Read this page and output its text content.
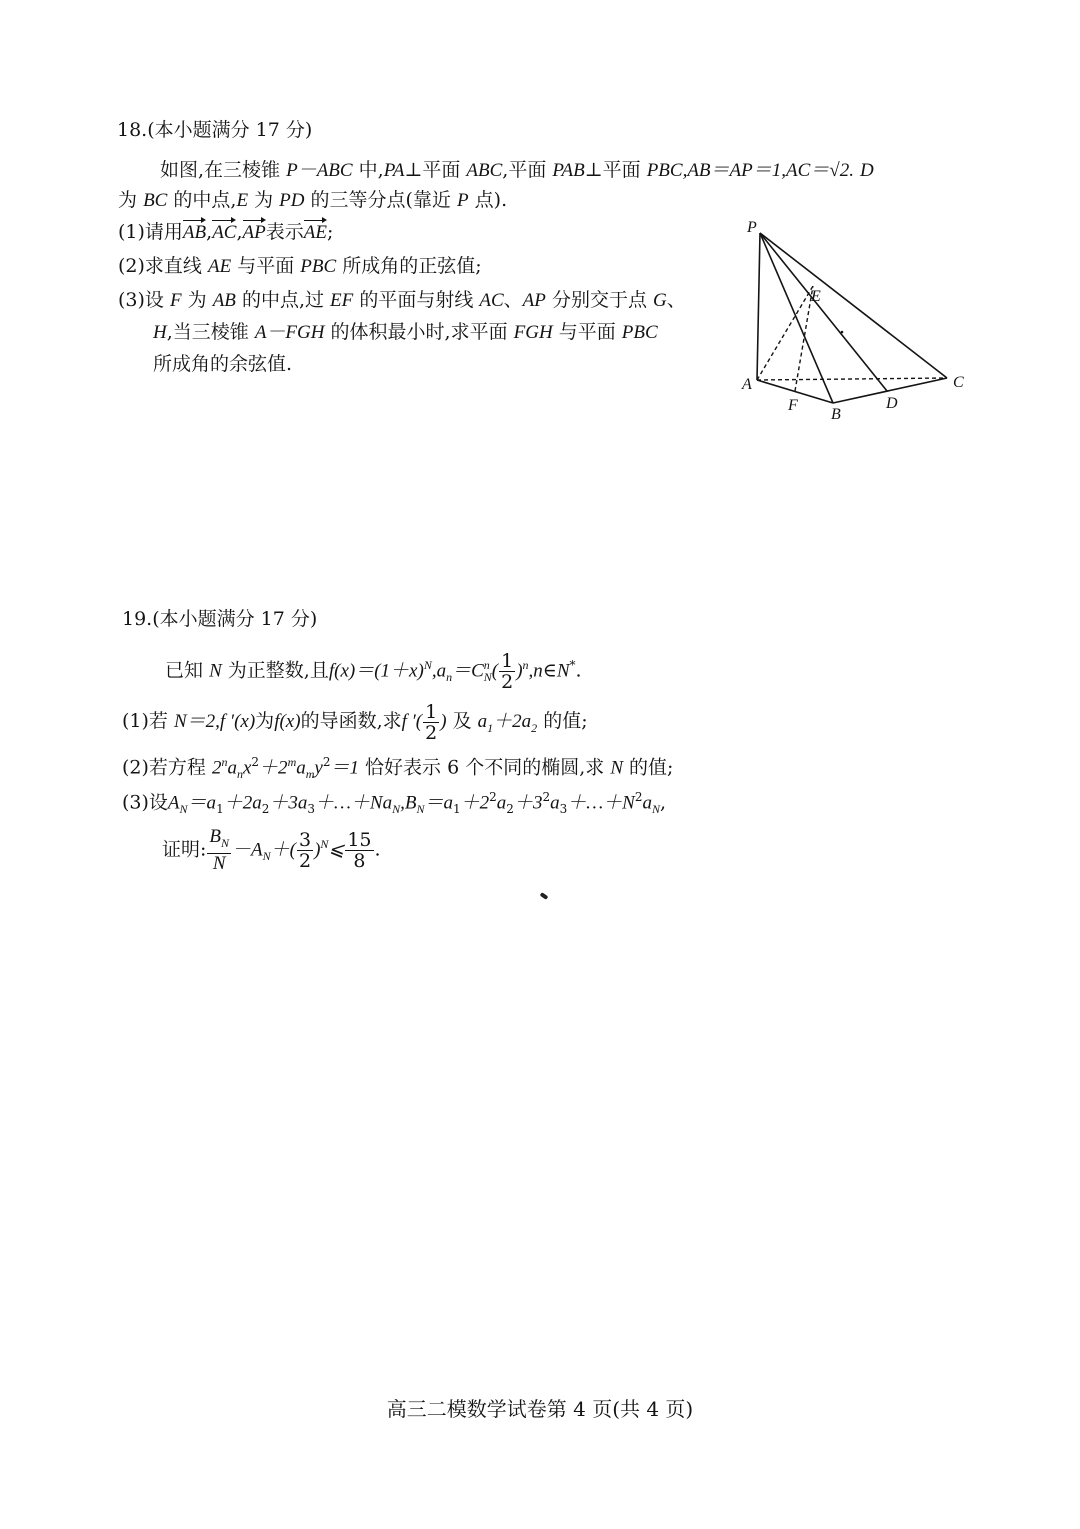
18.(本小题满分 17 分)
如图,在三棱锥 P－ABC 中,PA⊥平面 ABC,平面 PAB⊥平面 PBC,AB＝AP＝1,AC＝√2. D
为 BC 的中点,E 为 PD 的三等分点(靠近 P 点).
(1)请用AB,AC,AP表示AE;
(2)求直线 AE 与平面 PBC 所成角的正弦值;
(3)设 F 为 AB 的中点,过 EF 的平面与射线 AC、AP 分别交于点 G、
H,当三棱锥 A－FGH 的体积最小时,求平面 FGH 与平面 PBC
所成角的余弦值.
P
E
A
F
B
D
C
19.(本小题满分 17 分)
已知 N 为正整数,且$f(x)=(1+x)^N,a_n=C$ n
N ( $\frac{1}{2}$ )$^n$,n∈N*.
(1)若 N＝2,f ′(x)为f(x)的导函数,求f ′( $\frac{1}{2}$ ) 及 $a_1+2a_2$ 的值;
(2)若方程 $2^na_nx^2+2^ma_my^2=1$ 恰好表示 6 个不同的椭圆,求 N 的值;
(3)设$A_N=a_1+2a_2+3a_3+\dots+Na_N,B_N=a_1+2^2a_2+3^2a_3+\dots+N^2a_N$,
证明: $\frac{B_N}{N} -A_N+( \frac{3}{2}$ )$^N⩽ \frac{15}{8}$ .
高三二模数学试卷第 4 页(共 4 页)
